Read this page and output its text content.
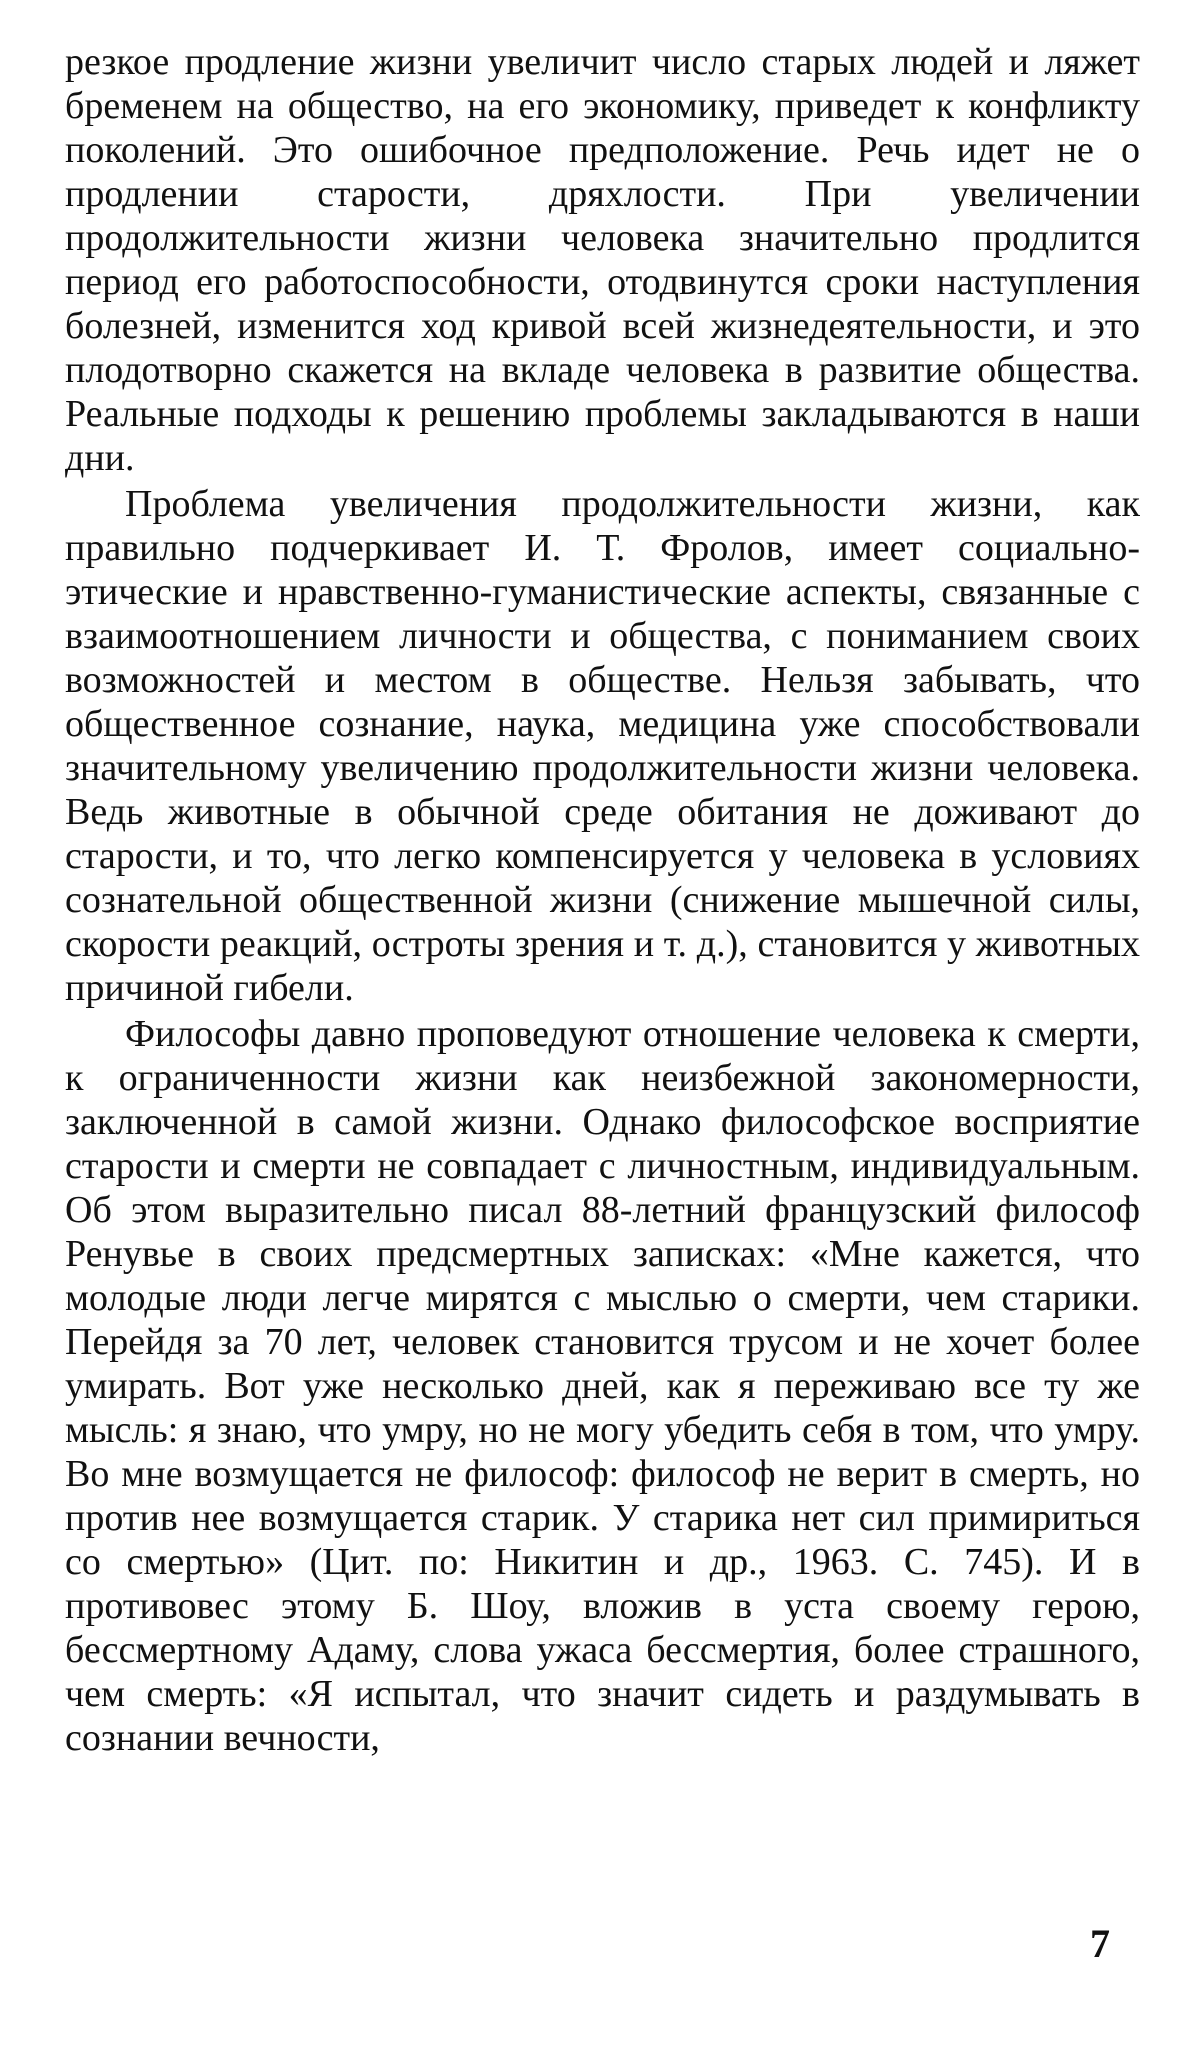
резкое продление жизни увеличит число старых людей и ляжет бременем на общество, на его экономику, приведет к конфликту поколений. Это ошибочное предположение. Речь идет не о продлении старости, дряхлости. При увеличении продолжительности жизни человека значительно продлится период его работоспособности, отодвинутся сроки наступления болезней, изменится ход кривой всей жизнедеятельности, и это плодотворно скажется на вкладе человека в развитие общества. Реальные подходы к решению проблемы закладываются в наши дни.

Проблема увеличения продолжительности жизни, как правильно подчеркивает И. Т. Фролов, имеет социально-этические и нравственно-гуманистические аспекты, связанные с взаимоотношением личности и общества, с пониманием своих возможностей и местом в обществе. Нельзя забывать, что общественное сознание, наука, медицина уже способствовали значительному увеличению продолжительности жизни человека. Ведь животные в обычной среде обитания не доживают до старости, и то, что легко компенсируется у человека в условиях сознательной общественной жизни (снижение мышечной силы, скорости реакций, остроты зрения и т. д.), становится у животных причиной гибели.

Философы давно проповедуют отношение человека к смерти, к ограниченности жизни как неизбежной закономерности, заключенной в самой жизни. Однако философское восприятие старости и смерти не совпадает с личностным, индивидуальным. Об этом выразительно писал 88-летний французский философ Ренувье в своих предсмертных записках: «Мне кажется, что молодые люди легче мирятся с мыслью о смерти, чем старики. Перейдя за 70 лет, человек становится трусом и не хочет более умирать. Вот уже несколько дней, как я переживаю все ту же мысль: я знаю, что умру, но не могу убедить себя в том, что умру. Во мне возмущается не философ: философ не верит в смерть, но против нее возмущается старик. У старика нет сил примириться со смертью» (Цит. по: Никитин и др., 1963. С. 745). И в противовес этому Б. Шоу, вложив в уста своему герою, бессмертному Адаму, слова ужаса бессмертия, более страшного, чем смерть: «Я испытал, что значит сидеть и раздумывать в сознании вечности,

7
